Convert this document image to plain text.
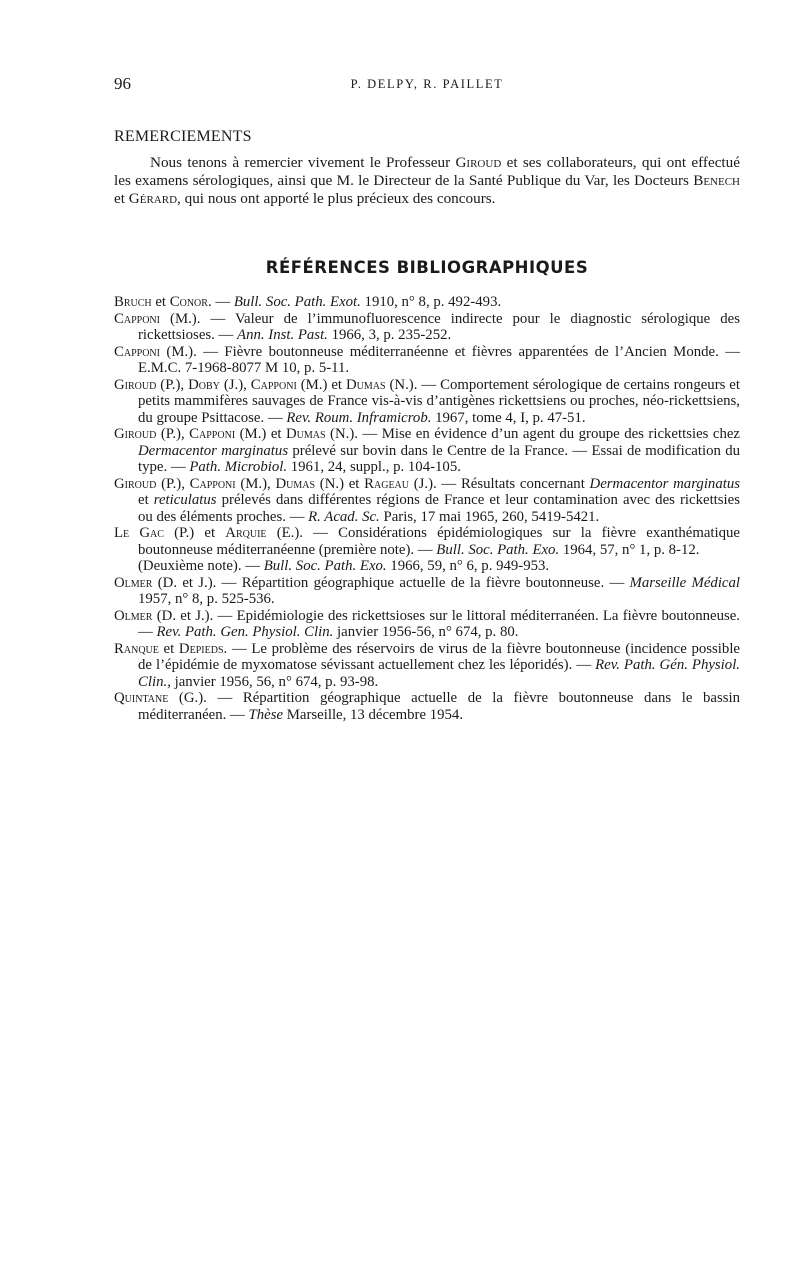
96	P. DELPY, R. PAILLET
REMERCIEMENTS

Nous tenons à remercier vivement le Professeur Giroud et ses collaborateurs, qui ont effectué les examens sérologiques, ainsi que M. le Directeur de la Santé Publique du Var, les Docteurs Benech et Gérard, qui nous ont apporté le plus précieux des concours.

RÉFÉRENCES BIBLIOGRAPHIQUES

Bruch et Conor. — Bull. Soc. Path. Exot. 1910, n° 8, p. 492-493.

Capponi (M.). — Valeur de l’immunofluorescence indirecte pour le diagnostic sérologique des rickettsioses. — Ann. Inst. Past. 1966, 3, p. 235-252.

Capponi (M.). — Fièvre boutonneuse méditerranéenne et fièvres apparentées de l’Ancien Monde. — E.M.C. 7-1968-8077 M 10, p. 5-11.

Giroud (P.), Doby (J.), Capponi (M.) et Dumas (N.). — Comportement sérologique de certains rongeurs et petits mammifères sauvages de France vis-à-vis d’antigènes rickettsiens ou proches, néo-rickettsiens, du groupe Psittacose. — Rev. Roum. Inframicrob. 1967, tome 4, I, p. 47-51.

Giroud (P.), Capponi (M.) et Dumas (N.). — Mise en évidence d’un agent du groupe des rickettsies chez Dermacentor marginatus prélevé sur bovin dans le Centre de la France. — Essai de modification du type. — Path. Microbiol. 1961, 24, suppl., p. 104-105.

Giroud (P.), Capponi (M.), Dumas (N.) et Rageau (J.). — Résultats concernant Dermacentor marginatus et reticulatus prélevés dans différentes régions de France et leur contamination avec des rickettsies ou des éléments proches. — R. Acad. Sc. Paris, 17 mai 1965, 260, 5419-5421.

Le Gac (P.) et Arquie (E.). — Considérations épidémiologiques sur la fièvre exanthématique boutonneuse méditerranéenne (première note). — Bull. Soc. Path. Exo. 1964, 57, n° 1, p. 8-12.

(Deuxième note). — Bull. Soc. Path. Exo. 1966, 59, n° 6, p. 949-953.

Olmer (D. et J.). — Répartition géographique actuelle de la fièvre boutonneuse. — Marseille Médical 1957, n° 8, p. 525-536.

Olmer (D. et J.). — Epidémiologie des rickettsioses sur le littoral méditerranéen. La fièvre boutonneuse. — Rev. Path. Gen. Physiol. Clin. janvier 1956-56, n° 674, p. 80.

Ranque et Depieds. — Le problème des réservoirs de virus de la fièvre boutonneuse (incidence possible de l’épidémie de myxomatose sévissant actuellement chez les léporidés). — Rev. Path. Gén. Physiol. Clin., janvier 1956, 56, n° 674, p. 93-98.

Quintane (G.). — Répartition géographique actuelle de la fièvre boutonneuse dans le bassin méditerranéen. — Thèse Marseille, 13 décembre 1954.
